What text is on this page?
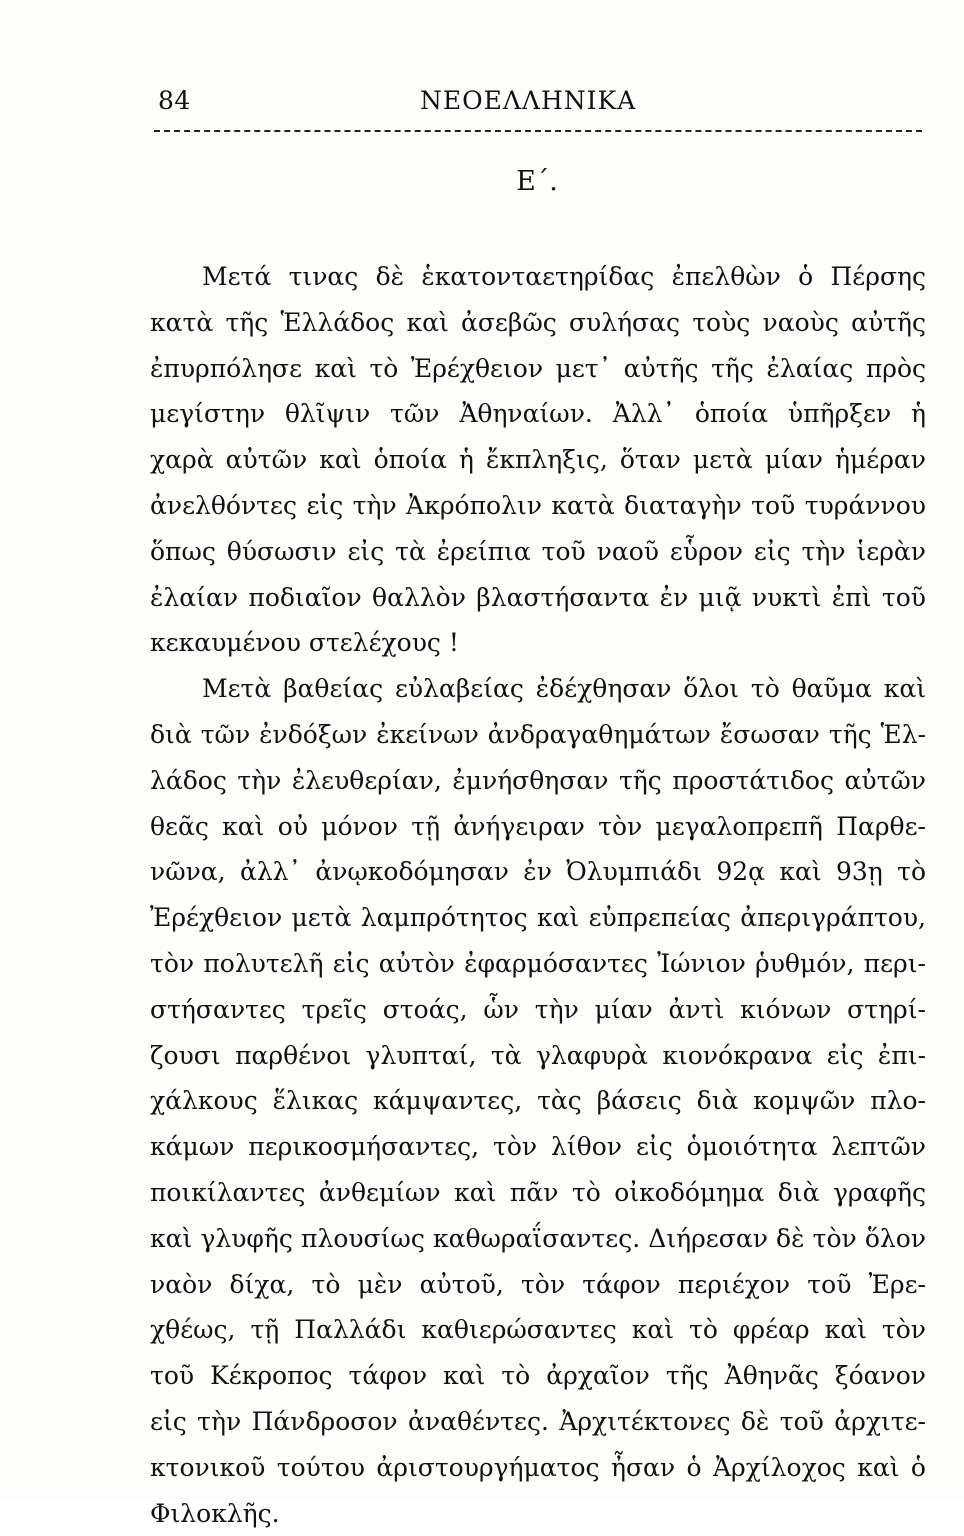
84	ΝΕΟΕΛΛΗΝΙΚΑ
Ε΄.
Μετά τινας δὲ ἑκατονταετηρίδας ἐπελθὼν ὁ Πέρσης
κατὰ τῆς Ἑλλάδος καὶ ἀσεβῶς συλήσας τοὺς ναοὺς αὐτῆς
ἐπυρπόλησε καὶ τὸ Ἐρέχθειον μετ᾽ αὐτῆς τῆς ἐλαίας πρὸς
μεγίστην θλῖψιν τῶν Ἀθηναίων. Ἀλλ᾽ ὁποία ὑπῆρξεν ἡ
χαρὰ αὐτῶν καὶ ὁποία ἡ ἔκπληξις, ὅταν μετὰ μίαν ἡμέραν
ἀνελθόντες εἰς τὴν Ἀκρόπολιν κατὰ διαταγὴν τοῦ τυράννου
ὅπως θύσωσιν εἰς τὰ ἐρείπια τοῦ ναοῦ εὗρον εἰς τὴν ἱερὰν
ἐλαίαν ποδιαῖον θαλλὸν βλαστήσαντα ἐν μιᾷ νυκτὶ ἐπὶ τοῦ
κεκαυμένου στελέχους !
Μετὰ βαθείας εὐλαβείας ἐδέχθησαν ὅλοι τὸ θαῦμα καὶ
διὰ τῶν ἐνδόξων ἐκείνων ἀνδραγαθημάτων ἔσωσαν τῆς Ἑλ-
λάδος τὴν ἐλευθερίαν, ἐμνήσθησαν τῆς προστάτιδος αὐτῶν
θεᾶς καὶ οὐ μόνον τῇ ἀνήγειραν τὸν μεγαλοπρεπῆ Παρθε-
νῶνα, ἀλλ᾽ ἀνῳκοδόμησαν ἐν Ὀλυμπιάδι 92ᾳ καὶ 93ῃ τὸ
Ἐρέχθειον μετὰ λαμπρότητος καὶ εὐπρεπείας ἀπεριγράπτου,
τὸν πολυτελῆ εἰς αὐτὸν ἐφαρμόσαντες Ἰώνιον ῥυθμόν, περι-
στήσαντες τρεῖς στοάς, ὧν τὴν μίαν ἀντὶ κιόνων στηρί-
ζουσι παρθένοι γλυπταί, τὰ γλαφυρὰ κιονόκρανα εἰς ἐπι-
χάλκους ἕλικας κάμψαντες, τὰς βάσεις διὰ κομψῶν πλο-
κάμων περικοσμήσαντες, τὸν λίθον εἰς ὁμοιότητα λεπτῶν
ποικίλαντες ἀνθεμίων καὶ πᾶν τὸ οἰκοδόμημα διὰ γραφῆς
καὶ γλυφῆς πλουσίως καθωραΐσαντες. Διήρεσαν δὲ τὸν ὅλον
ναὸν δίχα, τὸ μὲν αὐτοῦ, τὸν τάφον περιέχον τοῦ Ἐρε-
χθέως, τῇ Παλλάδι καθιερώσαντες καὶ τὸ φρέαρ καὶ τὸν
τοῦ Κέκροπος τάφον καὶ τὸ ἀρχαῖον τῆς Ἀθηνᾶς ξόανον
εἰς τὴν Πάνδροσον ἀναθέντες. Ἀρχιτέκτονες δὲ τοῦ ἀρχιτε-
κτονικοῦ τούτου ἀριστουργήματος ἦσαν ὁ Ἀρχίλοχος καὶ ὁ
Φιλοκλῆς.
